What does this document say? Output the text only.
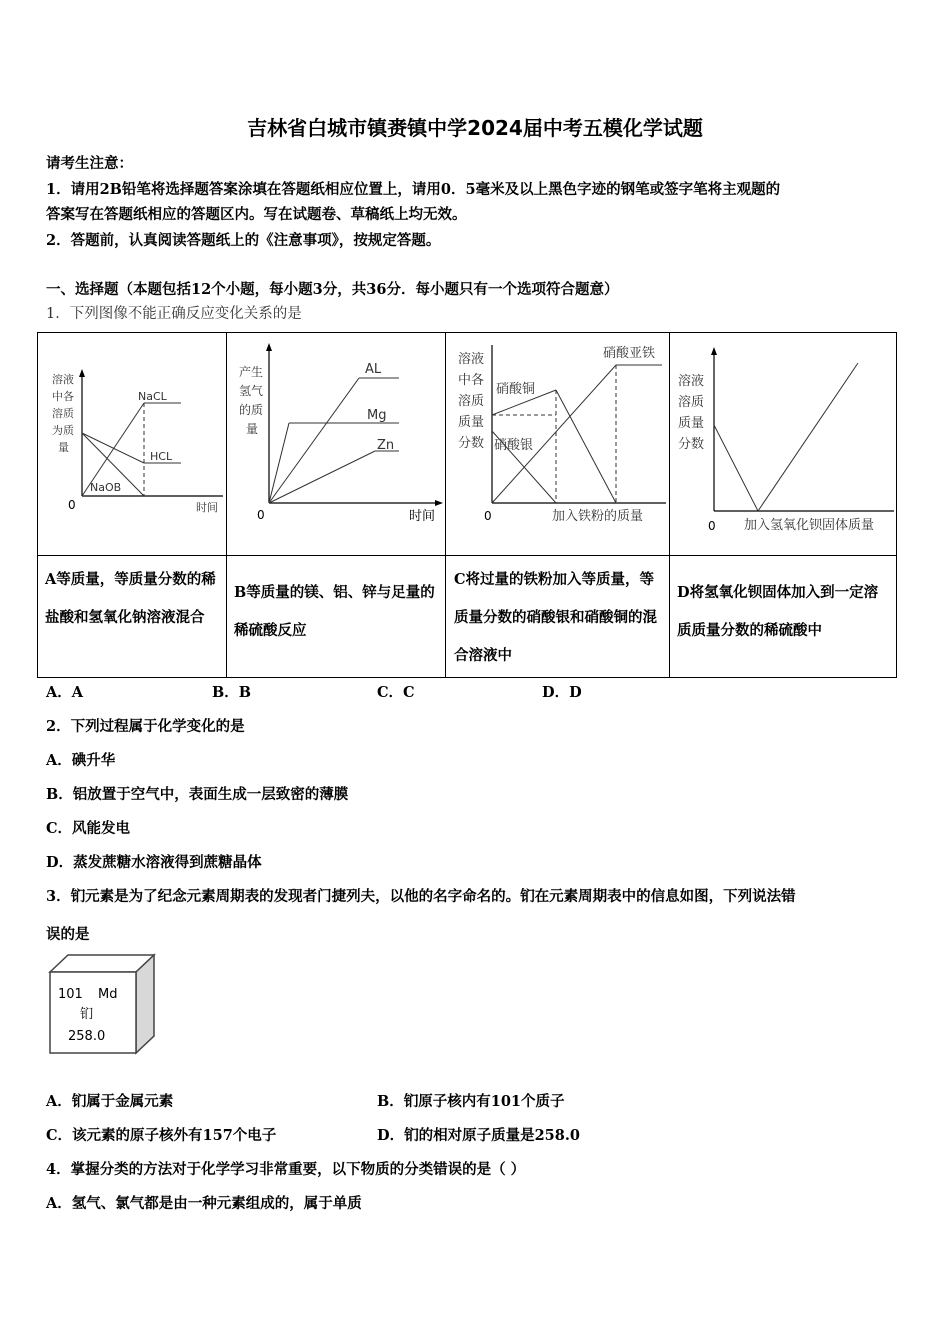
吉林省白城市镇赉镇中学2024届中考五模化学试题
请考生注意：
1．请用2B铅笔将选择题答案涂填在答题纸相应位置上，请用0．5毫米及以上黑色字迹的钢笔或签字笔将主观题的
答案写在答题纸相应的答题区内。写在试题卷、草稿纸上均无效。
2．答题前，认真阅读答题纸上的《注意事项》，按规定答题。
一、选择题（本题包括12个小题，每小题3分，共36分．每小题只有一个选项符合题意）
1．下列图像不能正确反应变化关系的是
溶液
中各
溶质
为质
量
0	时间
NaCL
HCL
NaOB
产生
氢气
的质
量
0	时间
AL
Mg
Zn
溶液
中各
溶质
质量
分数
0	加入铁粉的质量
硝酸亚铁
硝酸铜
硝酸银
溶液
溶质
质量
分数
0 加入氢氧化钡固体质量
A等质量，等质量分数的稀盐酸和氢氧化钠溶液混合
B等质量的镁、铝、锌与足量的稀硫酸反应
C将过量的铁粉加入等质量，等质量分数的硝酸银和硝酸铜的混合溶液中
D将氢氧化钡固体加入到一定溶质质量分数的稀硫酸中
A．A	B．B	C．C	D．D
2．下列过程属于化学变化的是
A．碘升华
B．铝放置于空气中，表面生成一层致密的薄膜
C．风能发电
D．蒸发蔗糖水溶液得到蔗糖晶体
3．钔元素是为了纪念元素周期表的发现者门捷列夫，以他的名字命名的。钔在元素周期表中的信息如图，下列说法错
误的是
101 Md
钔
258.0
A．钔属于金属元素	B．钔原子核内有101个质子
C．该元素的原子核外有157个电子	D．钔的相对原子质量是258.0
4．掌握分类的方法对于化学学习非常重要，以下物质的分类错误的是（ ）
A．氢气、氯气都是由一种元素组成的，属于单质
